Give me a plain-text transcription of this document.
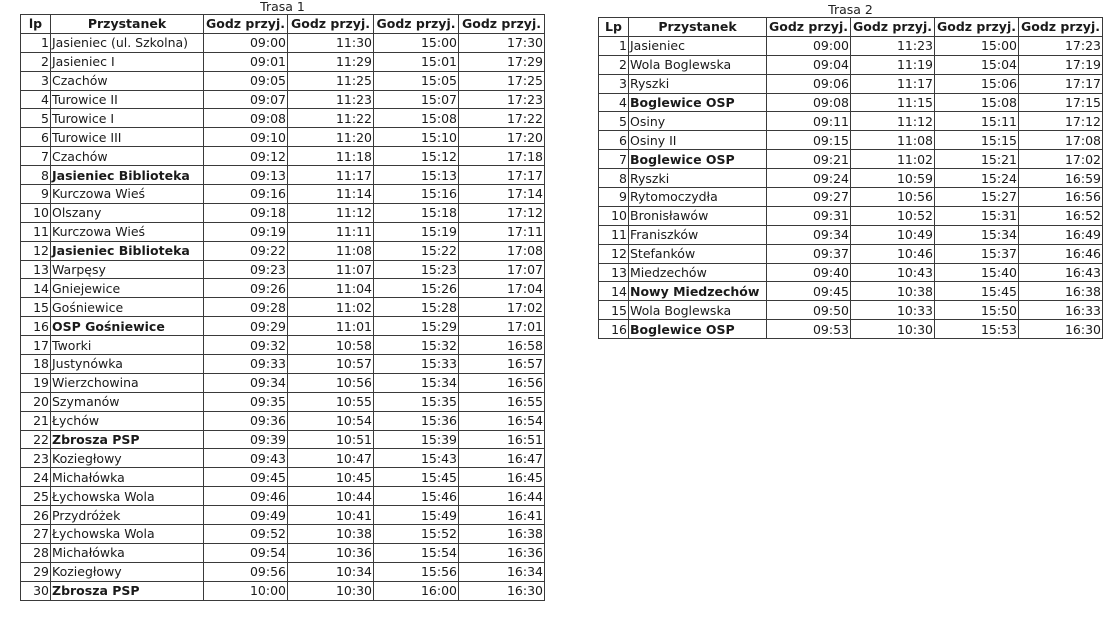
Trasa 1
lp	Przystanek	Godz przyj.	Godz przyj.	Godz przyj.	Godz przyj.
1	Jasieniec (ul. Szkolna)	09:00	11:30	15:00	17:30
2	Jasieniec I	09:01	11:29	15:01	17:29
3	Czachów	09:05	11:25	15:05	17:25
4	Turowice II	09:07	11:23	15:07	17:23
5	Turowice I	09:08	11:22	15:08	17:22
6	Turowice III	09:10	11:20	15:10	17:20
7	Czachów	09:12	11:18	15:12	17:18
8	Jasieniec Biblioteka	09:13	11:17	15:13	17:17
9	Kurczowa Wieś	09:16	11:14	15:16	17:14
10	Olszany	09:18	11:12	15:18	17:12
11	Kurczowa Wieś	09:19	11:11	15:19	17:11
12	Jasieniec Biblioteka	09:22	11:08	15:22	17:08
13	Warpęsy	09:23	11:07	15:23	17:07
14	Gniejewice	09:26	11:04	15:26	17:04
15	Gośniewice	09:28	11:02	15:28	17:02
16	OSP Gośniewice	09:29	11:01	15:29	17:01
17	Tworki	09:32	10:58	15:32	16:58
18	Justynówka	09:33	10:57	15:33	16:57
19	Wierzchowina	09:34	10:56	15:34	16:56
20	Szymanów	09:35	10:55	15:35	16:55
21	Łychów	09:36	10:54	15:36	16:54
22	Zbrosza PSP	09:39	10:51	15:39	16:51
23	Koziegłowy	09:43	10:47	15:43	16:47
24	Michałówka	09:45	10:45	15:45	16:45
25	Łychowska Wola	09:46	10:44	15:46	16:44
26	Przydróżek	09:49	10:41	15:49	16:41
27	Łychowska Wola	09:52	10:38	15:52	16:38
28	Michałówka	09:54	10:36	15:54	16:36
29	Koziegłowy	09:56	10:34	15:56	16:34
30	Zbrosza PSP	10:00	10:30	16:00	16:30
Trasa 2
Lp	Przystanek	Godz przyj.	Godz przyj.	Godz przyj.	Godz przyj.
1	Jasieniec	09:00	11:23	15:00	17:23
2	Wola Boglewska	09:04	11:19	15:04	17:19
3	Ryszki	09:06	11:17	15:06	17:17
4	Boglewice OSP	09:08	11:15	15:08	17:15
5	Osiny	09:11	11:12	15:11	17:12
6	Osiny II	09:15	11:08	15:15	17:08
7	Boglewice OSP	09:21	11:02	15:21	17:02
8	Ryszki	09:24	10:59	15:24	16:59
9	Rytomoczydła	09:27	10:56	15:27	16:56
10	Bronisławów	09:31	10:52	15:31	16:52
11	Franiszków	09:34	10:49	15:34	16:49
12	Stefanków	09:37	10:46	15:37	16:46
13	Miedzechów	09:40	10:43	15:40	16:43
14	Nowy Miedzechów	09:45	10:38	15:45	16:38
15	Wola Boglewska	09:50	10:33	15:50	16:33
16	Boglewice OSP	09:53	10:30	15:53	16:30
